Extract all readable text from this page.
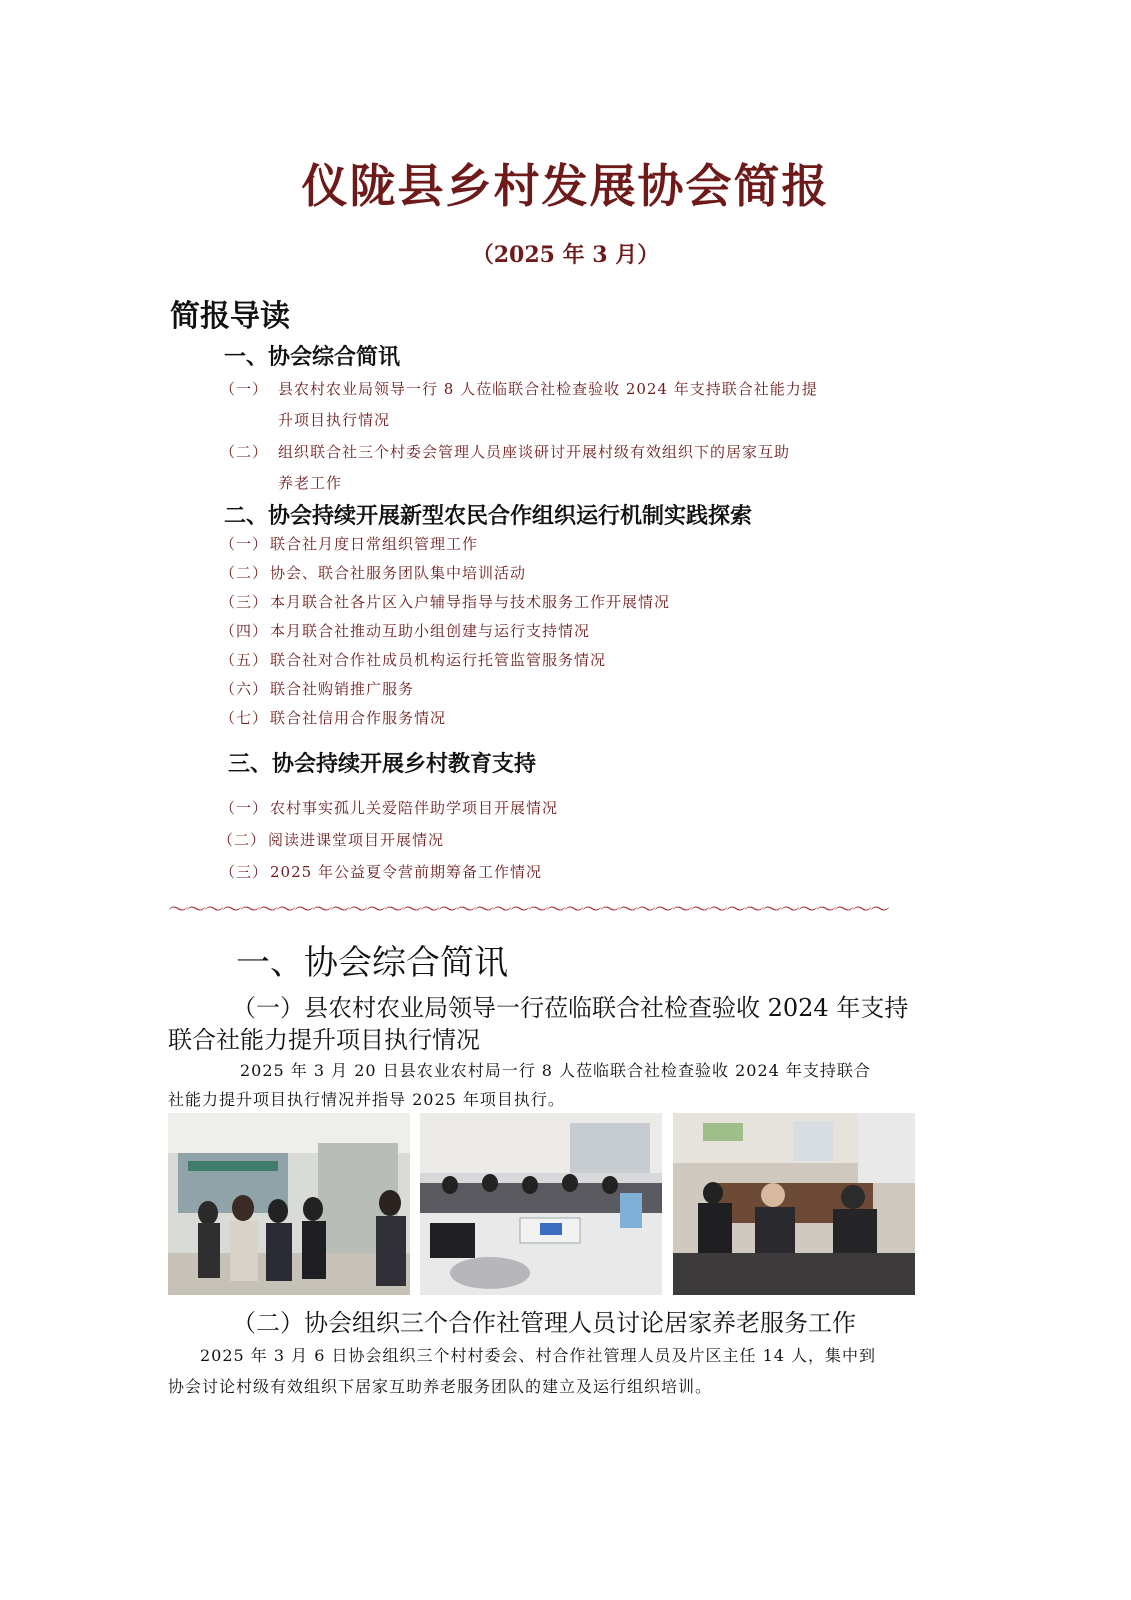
仪陇县乡村发展协会简报
（2025 年 3 月）
简报导读
一、协会综合简讯
（一） 县农村农业局领导一行 8 人莅临联合社检查验收 2024 年支持联合社能力提
升项目执行情况
（二） 组织联合社三个村委会管理人员座谈研讨开展村级有效组织下的居家互助
养老工作
二、协会持续开展新型农民合作组织运行机制实践探索
（一） 联合社月度日常组织管理工作
（二） 协会、联合社服务团队集中培训活动
（三） 本月联合社各片区入户辅导指导与技术服务工作开展情况
（四） 本月联合社推动互助小组创建与运行支持情况
（五） 联合社对合作社成员机构运行托管监管服务情况
（六） 联合社购销推广服务
（七） 联合社信用合作服务情况
三、协会持续开展乡村教育支持
（一） 农村事实孤儿关爱陪伴助学项目开展情况
（二） 阅读进课堂项目开展情况
（三） 2025 年公益夏令营前期筹备工作情况
～～～～～～～～～～～～～～～～～～～～～～～～～～～～～～～～～～～～～～～～
一、协会综合简讯
（一）县农村农业局领导一行莅临联合社检查验收 2024 年支持
联合社能力提升项目执行情况
2025 年 3 月 20 日县农业农村局一行 8 人莅临联合社检查验收 2024 年支持联合
社能力提升项目执行情况并指导 2025 年项目执行。
（二）协会组织三个合作社管理人员讨论居家养老服务工作
2025 年 3 月 6 日协会组织三个村村委会、村合作社管理人员及片区主任 14 人，集中到
协会讨论村级有效组织下居家互助养老服务团队的建立及运行组织培训。
